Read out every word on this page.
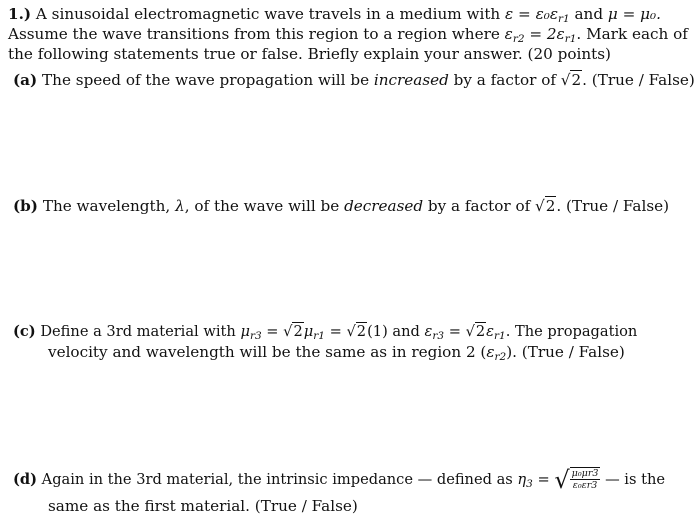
1.) A sinusoidal electromagnetic wave travels in a medium with $\varepsilon = \varepsilon_0\varepsilon_{r1}$ and μ = μ₀.
Assume the wave transitions from this region to a region where $\varepsilon_{r2} = 2\varepsilon_{r1}$. Mark each of
the following statements true or false. Briefly explain your answer. (20 points)
(a) The speed of the wave propagation will be increased by a factor of √2. (True / False)
(b) The wavelength, λ, of the wave will be decreased by a factor of √2. (True / False)
(c) Define a 3rd material with $\mu_{r3} = √2\mu_{r1} = √2(1)$ and $\varepsilon_{r3} = √2\varepsilon_{r1}$. The propagation
velocity and wavelength will be the same as in region 2 $(\varepsilon_{r2})$. (True / False)
(d) Again in the 3rd material, the intrinsic impedance — defined as $\eta_3$ = √ $\frac{\text{μ₀μr3}}{\text{ε₀εr3}}$ — is the
same as the first material. (True / False)
